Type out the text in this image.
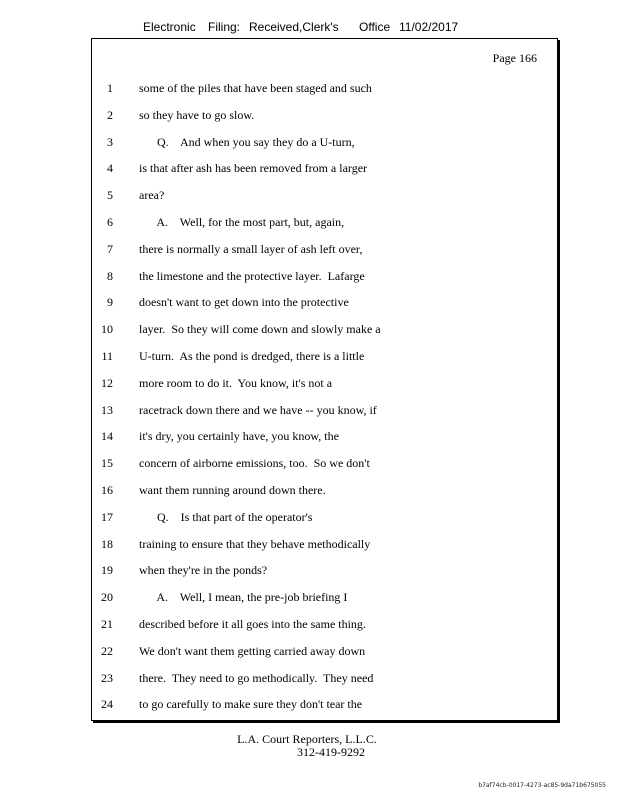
Electronic Filing: Received,Clerk's Office 11/02/2017
Page 166
1 some of the piles that have been staged and such
2 so they have to go slow.
3 Q.    And when you say they do a U-turn,
4 is that after ash has been removed from a larger
5 area?
6 A.    Well, for the most part, but, again,
7 there is normally a small layer of ash left over,
8 the limestone and the protective layer.  Lafarge
9 doesn't want to get down into the protective
10 layer.  So they will come down and slowly make a
11 U-turn.  As the pond is dredged, there is a little
12 more room to do it.  You know, it's not a
13 racetrack down there and we have -- you know, if
14 it's dry, you certainly have, you know, the
15 concern of airborne emissions, too.  So we don't
16 want them running around down there.
17 Q.    Is that part of the operator's
18 training to ensure that they behave methodically
19 when they're in the ponds?
20 A.    Well, I mean, the pre-job briefing I
21 described before it all goes into the same thing.
22 We don't want them getting carried away down
23 there.  They need to go methodically.  They need
24 to go carefully to make sure they don't tear the
L.A. Court Reporters, L.L.C.
312-419-9292
b7af74cb-0017-4273-ac85-9da71b675055
